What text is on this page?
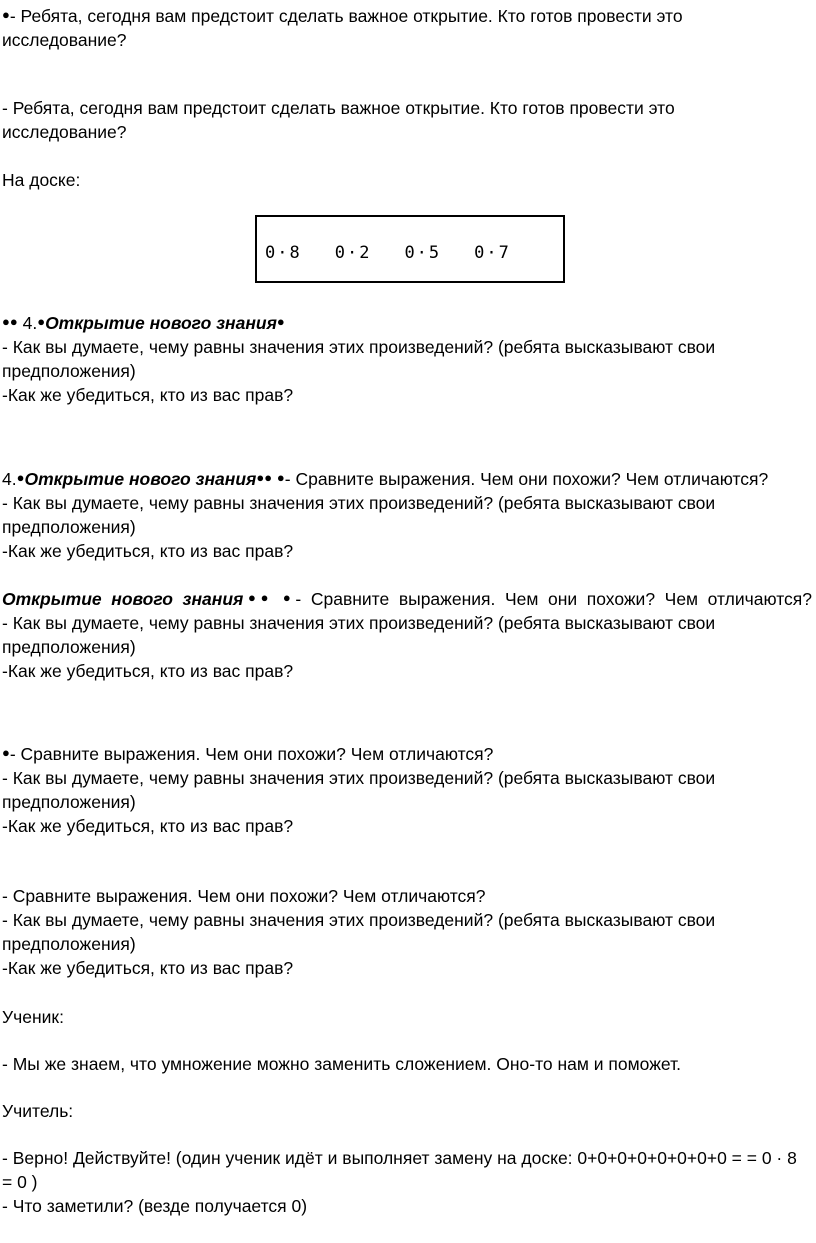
●- Ребята, сегодня вам предстоит сделать важное открытие. Кто готов провести это
исследование?
- Ребята, сегодня вам предстоит сделать важное открытие. Кто готов провести это
исследование?
На доске:
0·8 0·2 0·5 0·7
●● 4.●Открытие нового знания●
- Как вы думаете, чему равны значения этих произведений? (ребята высказывают свои
предположения)
-Как же убедиться, кто из вас прав?
4.●Открытие нового знания●● ●- Сравните выражения. Чем они похожи? Чем отличаются?
- Как вы думаете, чему равны значения этих произведений? (ребята высказывают свои
предположения)
-Как же убедиться, кто из вас прав?
Открытие нового знания●● ●- Сравните выражения. Чем они похожи? Чем отличаются?
- Как вы думаете, чему равны значения этих произведений? (ребята высказывают свои
предположения)
-Как же убедиться, кто из вас прав?
●- Сравните выражения. Чем они похожи? Чем отличаются?
- Как вы думаете, чему равны значения этих произведений? (ребята высказывают свои
предположения)
-Как же убедиться, кто из вас прав?
- Сравните выражения. Чем они похожи? Чем отличаются?
- Как вы думаете, чему равны значения этих произведений? (ребята высказывают свои
предположения)
-Как же убедиться, кто из вас прав?
Ученик:
- Мы же знаем, что умножение можно заменить сложением. Оно-то нам и поможет.
Учитель:
- Верно! Действуйте! (один ученик идёт и выполняет замену на доске: 0+0+0+0+0+0+0+0 = = 0 · 8
= 0 )
- Что заметили? (везде получается 0)
